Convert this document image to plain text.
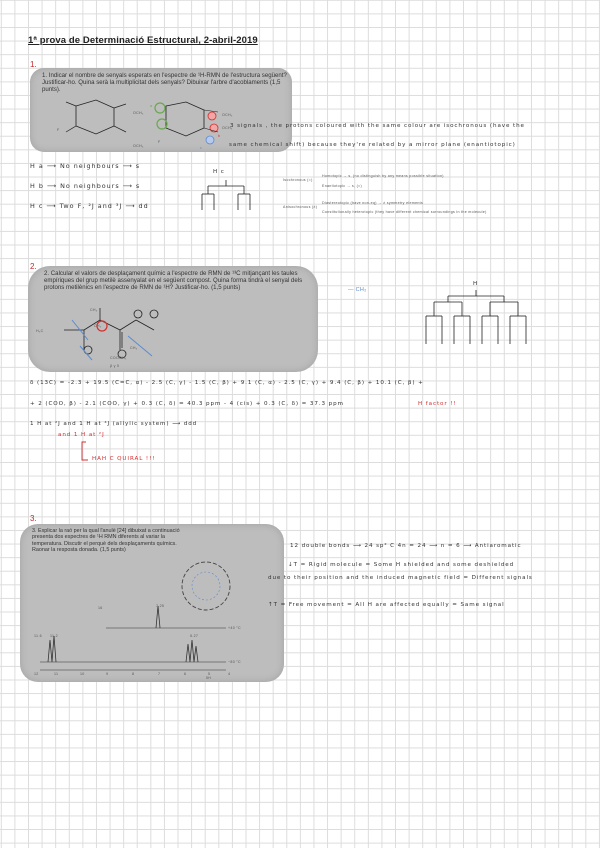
1ª prova de Determinació Estructural, 2-abril-2019
1.
1. Indicar el nombre de senyals esperats en l'espectre de ¹H-RMN de l'estructura següent? Justificar-ho. Quina serà la multiplicitat dels senyals? Dibuixar l'arbre d'acoblaments (1,5 punts).
OCH₃
OCH₃
F
F
OCH₃
OCH₃
a
b
c
3 signals , the protons coloured with the same colour are isochronous (have the
same chemical shift) because they're related by a mirror plane (enantiotopic)
H a ⟶ No neighbours ⟶ s
H b ⟶ No neighbours ⟶ s
H c ⟶ Two F, ²J and ³J ⟶ dd
H c
Isochronous (=)
Anisochronous (≠)
Homotopic → s, (no distinguish by any means possible situation)
Enantiotopic → s, (=)
Diastereotopic (have non-eq) → ≠ symmetry elements
Constitutionally heterotopic (they have different chemical surroundings in the molecule)
2.
2. Calcular el valors de desplaçament químic a l'espectre de RMN de ¹³C mitjançant les taules empíriques del grup metilè assenyalat en el següent compost. Quina forma tindrà el senyal dels protons metilènics en l'espectre de RMN de ¹H? Justificar-ho. (1,5 punts)
H₃C
CH₂
CH₃
COOCH₃
CH₃
β γ δ
— CH₂
H
δ (13C) = -2.3 + 19.5 (C=C, α) - 2.5 (C, γ) - 1.5 (C, β) + 9.1 (C, α) - 2.5 (C, γ) + 9.4 (C, β) + 10.1 (C, β) +
+ 2 (COO, β) - 2.1 (COO, γ) + 0.3 (C, δ) = 40.3 ppm - 4 (cis) + 0.3 (C, δ) = 37.3 ppm	H factor !!
1 H at ²J and 1 H at ⁴J (allylic system) ⟶ ddd
and 1 H at ²J
HAH C QUIRAL !!!
3.
3. Explicar la raó per la qual l'anulè [24] dibuixat a continuació presenta dos espectres de ¹H RMN diferents al variar la temperatura. Discutir el perquè dels desplaçaments químics. Raonar la resposta donada. (1,5 punts)
16	7.25
11.6 11.2	5.27
+40 °C
−80 °C
12	11	10	9	8	7	6	5	4
δH
12 double bonds ⟶ 24 sp² C 4n = 24 ⟶ n = 6 ⟶ Antiaromatic
↓T = Rigid molecule = Some H shielded and some deshielded
due to their position and the induced magnetic field = Different signals
↑T = Free movement = All H are affected equally = Same signal
